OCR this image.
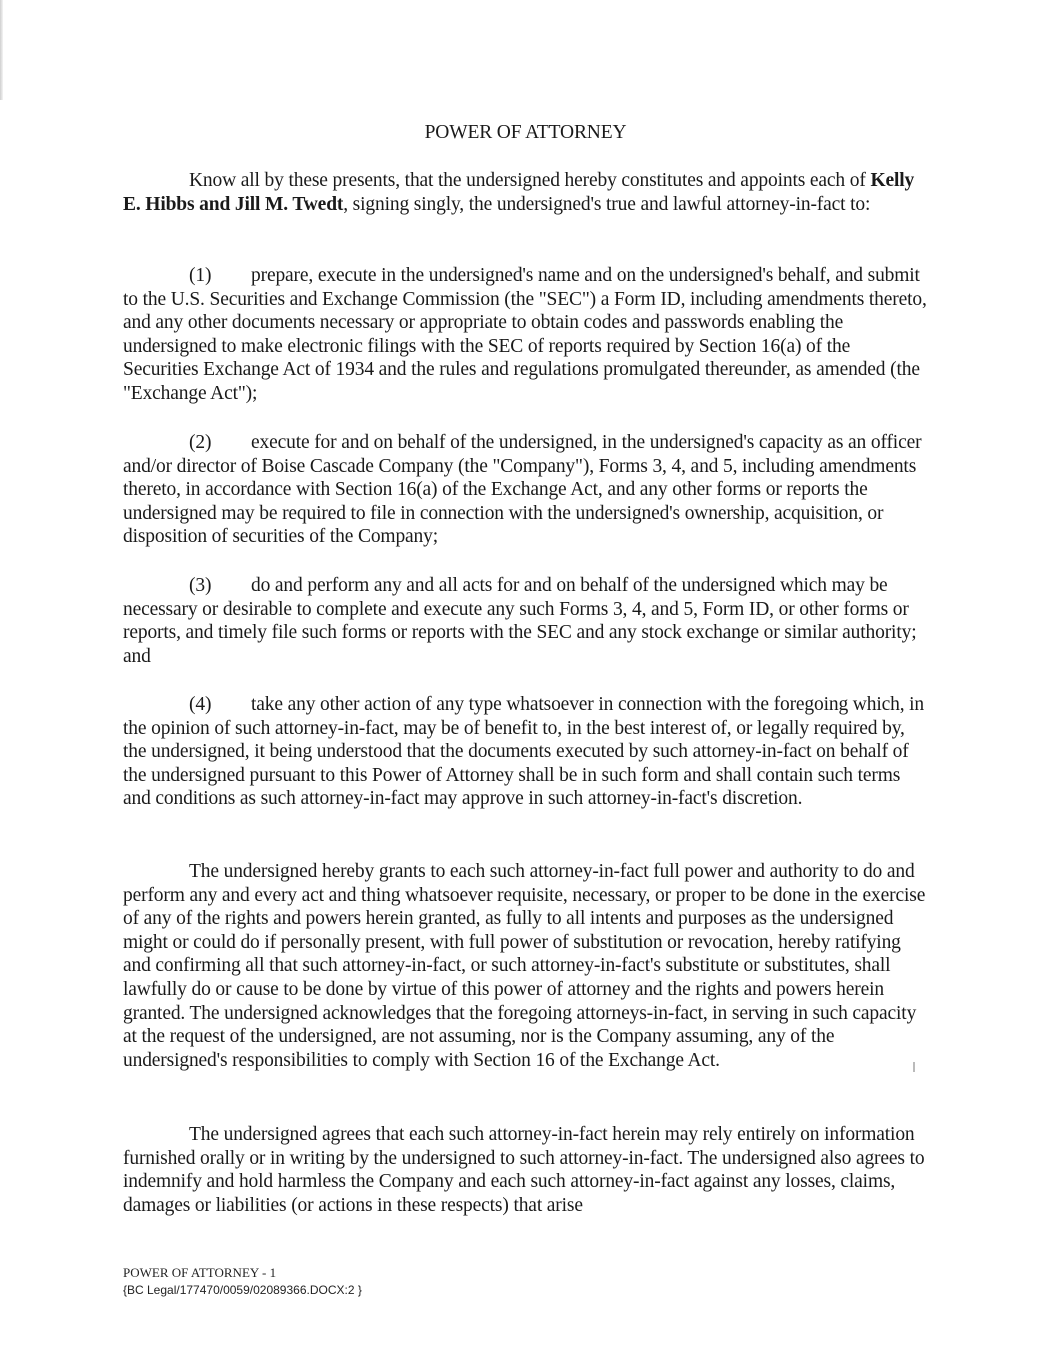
POWER OF ATTORNEY

Know all by these presents, that the undersigned hereby constitutes and appoints each of Kelly E. Hibbs and Jill M. Twedt, signing singly, the undersigned's true and lawful attorney-in-fact to:

(1) prepare, execute in the undersigned's name and on the undersigned's behalf, and submit to the U.S. Securities and Exchange Commission (the "SEC") a Form ID, including amendments thereto, and any other documents necessary or appropriate to obtain codes and passwords enabling the undersigned to make electronic filings with the SEC of reports required by Section 16(a) of the Securities Exchange Act of 1934 and the rules and regulations promulgated thereunder, as amended (the "Exchange Act");

(2) execute for and on behalf of the undersigned, in the undersigned's capacity as an officer and/or director of Boise Cascade Company (the "Company"), Forms 3, 4, and 5, including amendments thereto, in accordance with Section 16(a) of the Exchange Act, and any other forms or reports the undersigned may be required to file in connection with the undersigned's ownership, acquisition, or disposition of securities of the Company;

(3) do and perform any and all acts for and on behalf of the undersigned which may be necessary or desirable to complete and execute any such Forms 3, 4, and 5, Form ID, or other forms or reports, and timely file such forms or reports with the SEC and any stock exchange or similar authority; and

(4) take any other action of any type whatsoever in connection with the foregoing which, in the opinion of such attorney-in-fact, may be of benefit to, in the best interest of, or legally required by, the undersigned, it being understood that the documents executed by such attorney-in-fact on behalf of the undersigned pursuant to this Power of Attorney shall be in such form and shall contain such terms and conditions as such attorney-in-fact may approve in such attorney-in-fact's discretion.

The undersigned hereby grants to each such attorney-in-fact full power and authority to do and perform any and every act and thing whatsoever requisite, necessary, or proper to be done in the exercise of any of the rights and powers herein granted, as fully to all intents and purposes as the undersigned might or could do if personally present, with full power of substitution or revocation, hereby ratifying and confirming all that such attorney-in-fact, or such attorney-in-fact's substitute or substitutes, shall lawfully do or cause to be done by virtue of this power of attorney and the rights and powers herein granted. The undersigned acknowledges that the foregoing attorneys-in-fact, in serving in such capacity at the request of the undersigned, are not assuming, nor is the Company assuming, any of the undersigned's responsibilities to comply with Section 16 of the Exchange Act.

The undersigned agrees that each such attorney-in-fact herein may rely entirely on information furnished orally or in writing by the undersigned to such attorney-in-fact. The undersigned also agrees to indemnify and hold harmless the Company and each such attorney-in-fact against any losses, claims, damages or liabilities (or actions in these respects) that arise

POWER OF ATTORNEY - 1
{BC Legal/177470/0059/02089366.DOCX:2 }
